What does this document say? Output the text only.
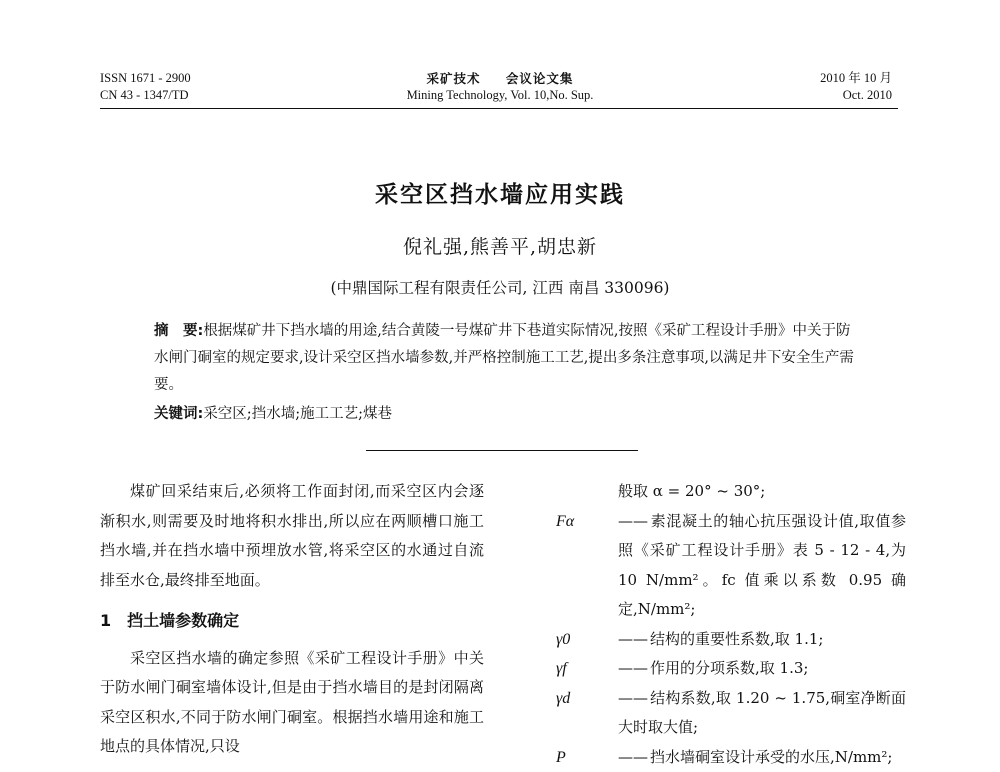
ISSN 1671 - 2900
CN 43 - 1347/TD
采矿技术 会议论文集
Mining Technology, Vol. 10,No. Sup.
2010 年 10 月
Oct. 2010
采空区挡水墙应用实践
倪礼强,熊善平,胡忠新
(中鼎国际工程有限责任公司, 江西 南昌 330096)
摘　要:根据煤矿井下挡水墙的用途,结合黄陵一号煤矿井下巷道实际情况,按照《采矿工程设计手册》中关于防水闸门硐室的规定要求,设计采空区挡水墙参数,并严格控制施工工艺,提出多条注意事项,以满足井下安全生产需要。
关键词:采空区;挡水墙;施工工艺;煤巷

煤矿回采结束后,必须将工作面封闭,而采空区内会逐渐积水,则需要及时地将积水排出,所以应在两顺槽口施工挡水墙,并在挡水墙中预埋放水管,将采空区的水通过自流排至水仓,最终排至地面。

1 挡土墙参数确定

采空区挡水墙的确定参照《采矿工程设计手册》中关于防水闸门硐室墙体设计,但是由于挡水墙目的是封闭隔离采空区积水,不同于防水闸门硐室。根据挡水墙用途和施工地点的具体情况,只设

般取 α = 20° ~ 30°;
Fα	—— 素混凝土的轴心抗压强设计值,取值参照《采矿工程设计手册》表 5 - 12 - 4,为 10 N/mm²。fc 值乘以系数 0.95 确定,N/mm²;
γ0	—— 结构的重要性系数,取 1.1;
γf	—— 作用的分项系数,取 1.3;
γd	—— 结构系数,取 1.20 ~ 1.75,硐室净断面大时取大值;
P	—— 挡水墙硐室设计承受的水压,N/mm²;
